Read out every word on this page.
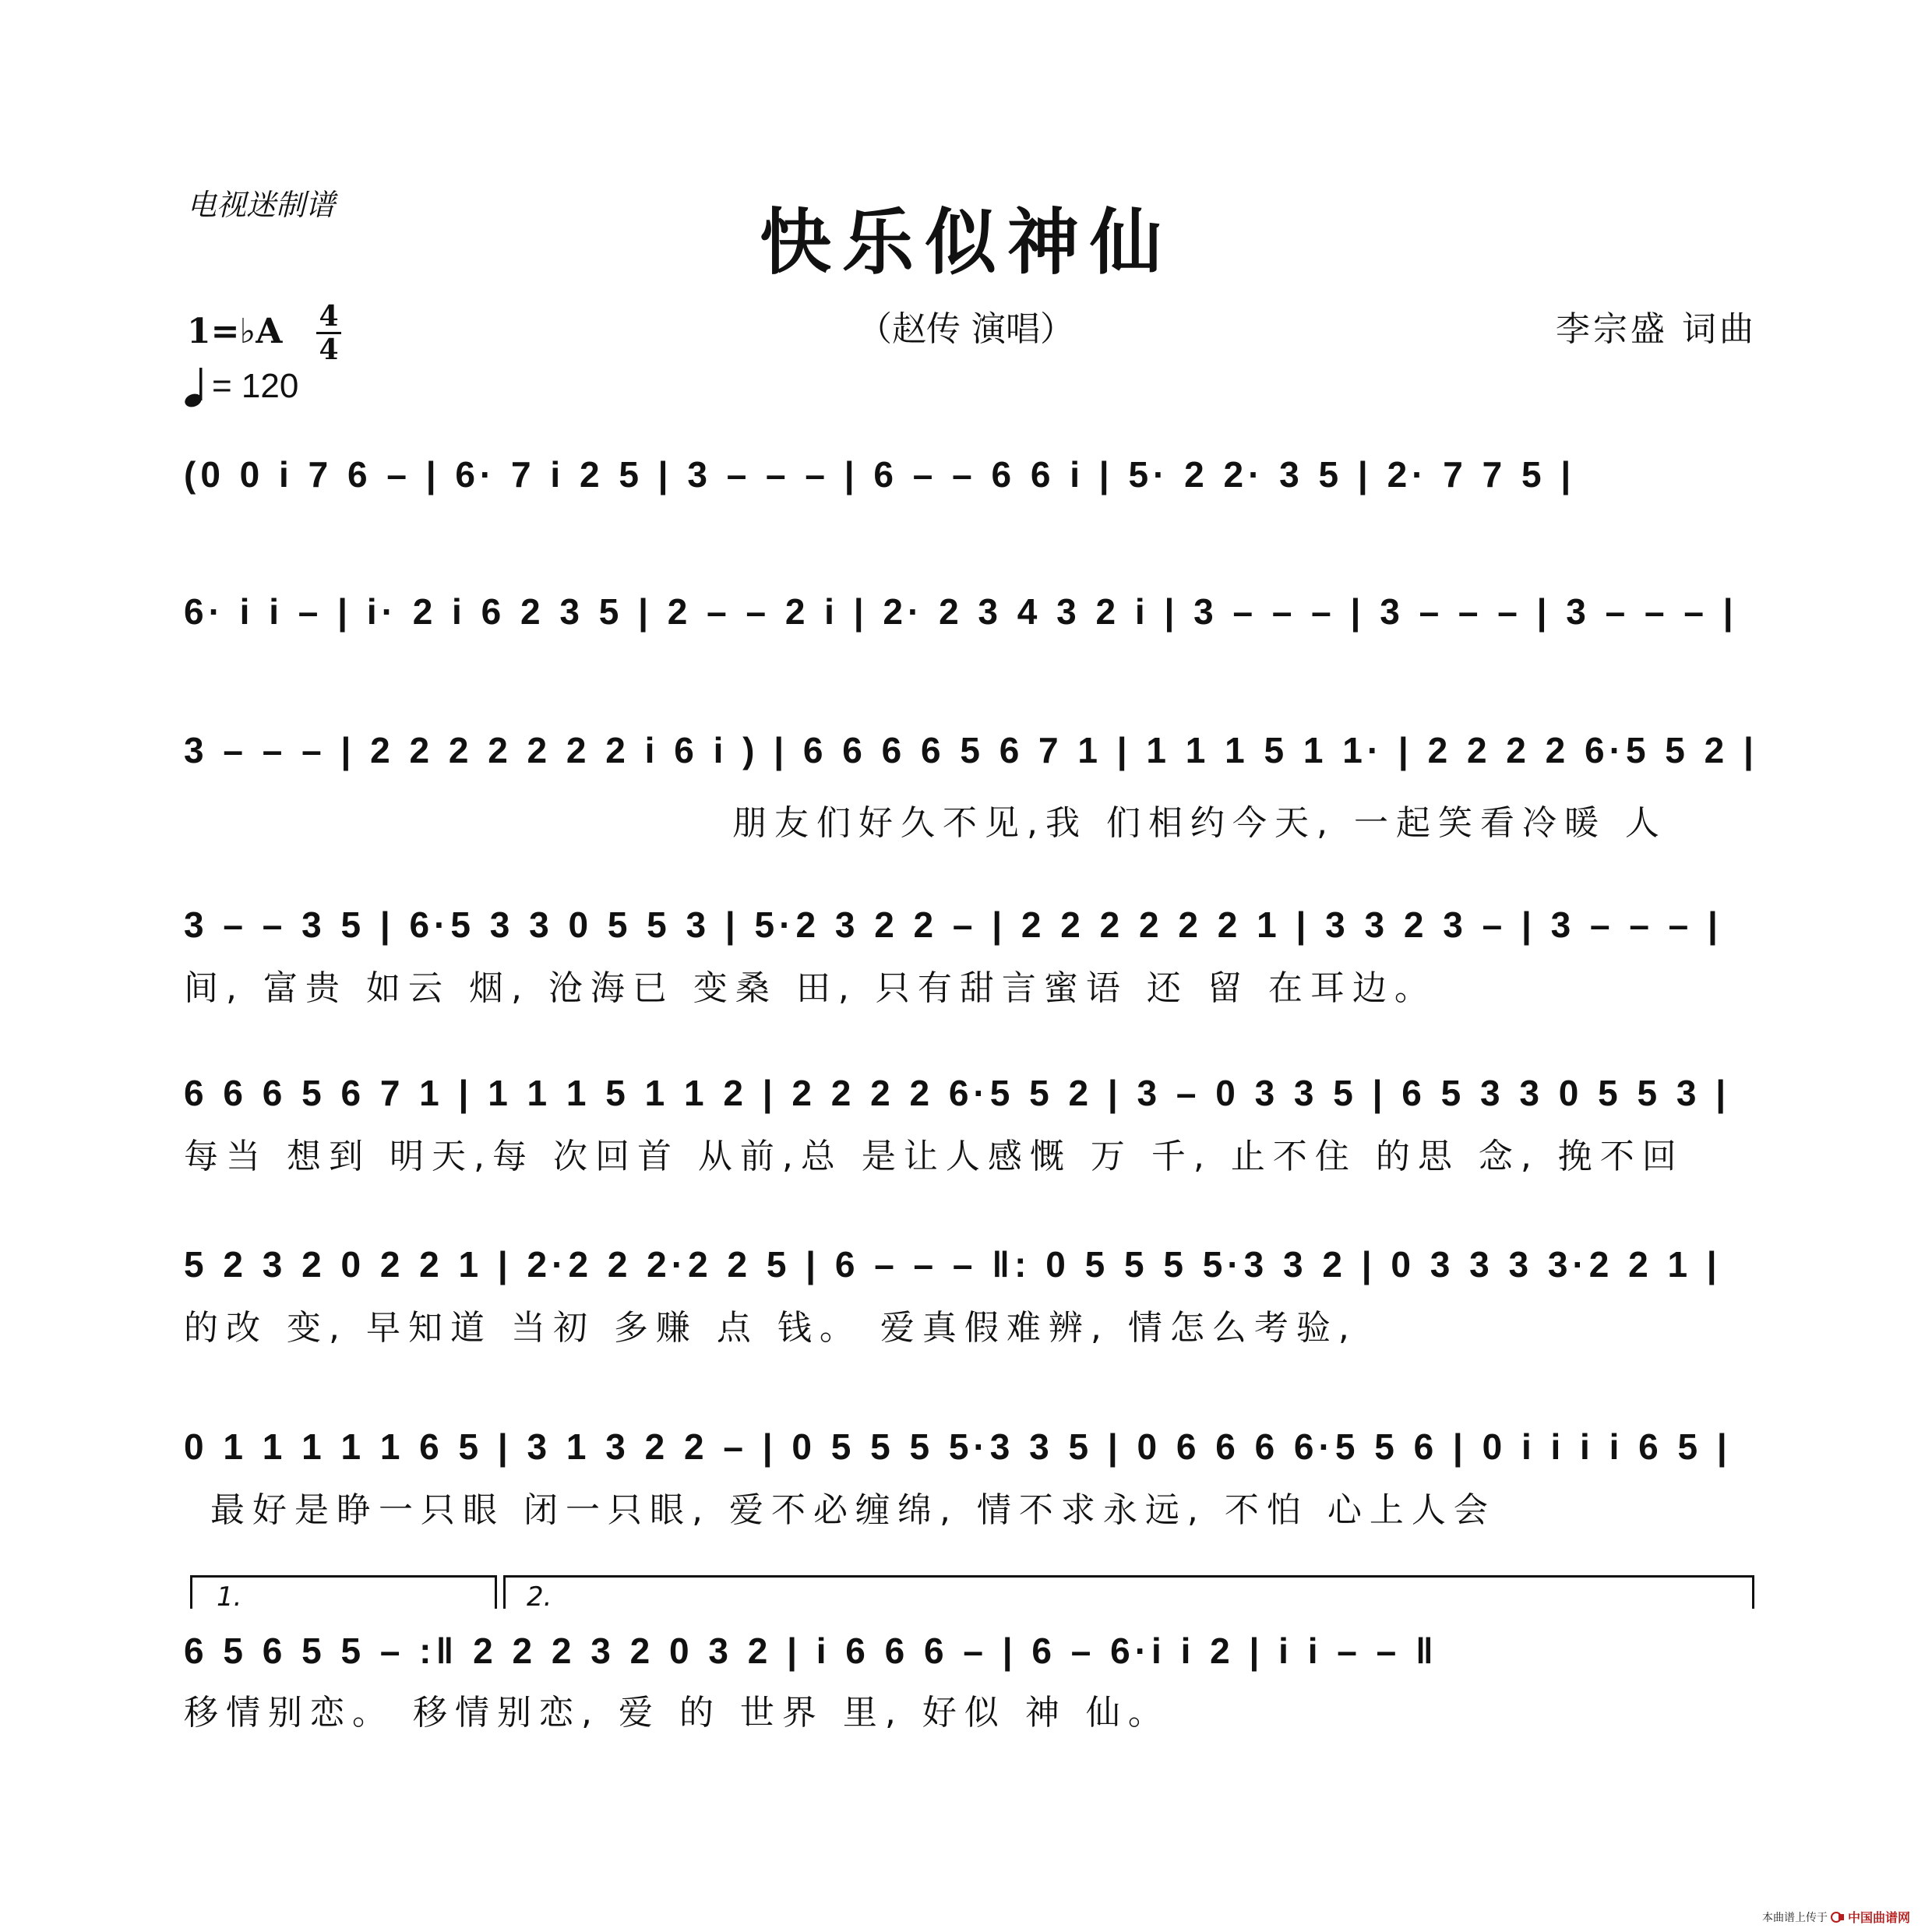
电视迷制谱	快乐似神仙
（赵传 演唱）	李宗盛 词曲
1=♭A 4
4
= 120
(0 0 i 7 6 – | 6· 7 i 2 5 | 3 – – – | 6 – – 6 6 i | 5· 2 2· 3 5 | 2· 7 7 5 |
6· i i – | i· 2 i 6 2 3 5 | 2 – – 2 i | 2· 2 3 4 3 2 i | 3 – – – | 3 – – – | 3 – – – |
3 – – – | 2 2 2 2 2 2 2 i 6 i ) | 6 6 6 6 5 6 7 1 | 1 1 1 5 1 1· | 2 2 2 2 6·5 5 2 |
朋友们好久不见,我 们相约今天, 一起笑看冷暖 人
3 – – 3 5 | 6·5 3 3 0 5 5 3 | 5·2 3 2 2 – | 2 2 2 2 2 2 1 | 3 3 2 3 – | 3 – – – |
间, 富贵 如云 烟, 沧海已 变桑 田, 只有甜言蜜语 还 留 在耳边。
6 6 6 5 6 7 1 | 1 1 1 5 1 1 2 | 2 2 2 2 6·5 5 2 | 3 – 0 3 3 5 | 6 5 3 3 0 5 5 3 |
每当 想到 明天,每 次回首 从前,总 是让人感慨 万 千, 止不住 的思 念, 挽不回
5 2 3 2 0 2 2 1 | 2·2 2 2·2 2 5 | 6 – – – ‖: 0 5 5 5 5·3 3 2 | 0 3 3 3 3·2 2 1 |
的改 变, 早知道 当初 多赚 点 钱。 爱真假难辨, 情怎么考验,
0 1 1 1 1 1 6 5 | 3 1 3 2 2 – | 0 5 5 5 5·3 3 5 | 0 6 6 6 6·5 5 6 | 0 i i i i 6 5 |
最好是睁一只眼 闭一只眼, 爱不必缠绵, 情不求永远, 不怕 心上人会
1.	2.
6 5 6 5 5 – :‖ 2 2 2 3 2 0 3 2 | i 6 6 6 – | 6 – 6·i i 2 | i i – – ‖
移情别恋。 移情别恋, 爱 的 世界 里, 好似 神 仙。
本曲谱上传于 中国曲谱网
